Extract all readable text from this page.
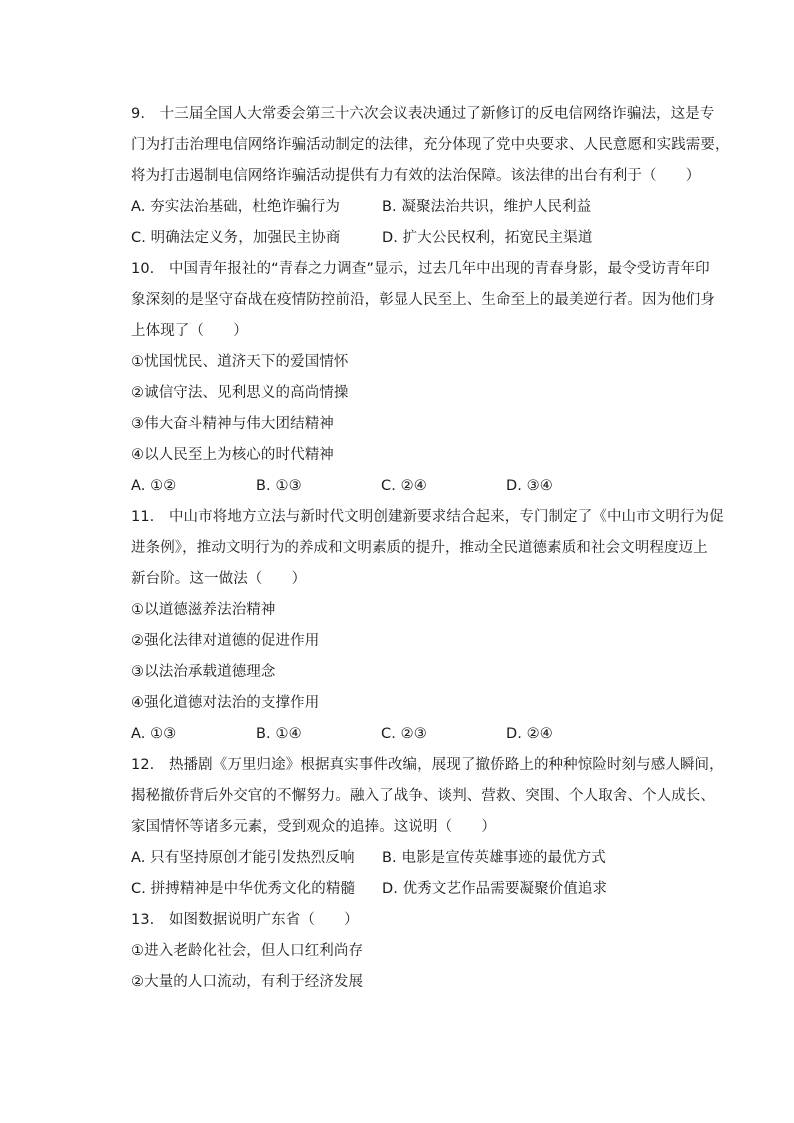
9.　十三届全国人大常委会第三十六次会议表决通过了新修订的反电信网络诈骗法，这是专
门为打击治理电信网络诈骗活动制定的法律，充分体现了党中央要求、人民意愿和实践需要，
将为打击遏制电信网络诈骗活动提供有力有效的法治保障。该法律的出台有利于（　　）
A. 夯实法治基础，杜绝诈骗行为	B. 凝聚法治共识，维护人民利益
C. 明确法定义务，加强民主协商	D. 扩大公民权利，拓宽民主渠道
10.　中国青年报社的“青春之力调查”显示，过去几年中出现的青春身影，最令受访青年印
象深刻的是坚守奋战在疫情防控前沿，彰显人民至上、生命至上的最美逆行者。因为他们身
上体现了（　　）
①忧国忧民、道济天下的爱国情怀
②诚信守法、见利思义的高尚情操
③伟大奋斗精神与伟大团结精神
④以人民至上为核心的时代精神
A. ①②	B. ①③	C. ②④	D. ③④
11.　中山市将地方立法与新时代文明创建新要求结合起来，专门制定了《中山市文明行为促
进条例》，推动文明行为的养成和文明素质的提升，推动全民道德素质和社会文明程度迈上
新台阶。这一做法（　　）
①以道德滋养法治精神
②强化法律对道德的促进作用
③以法治承载道德理念
④强化道德对法治的支撑作用
A. ①③	B. ①④	C. ②③	D. ②④
12.　热播剧《万里归途》根据真实事件改编，展现了撤侨路上的种种惊险时刻与感人瞬间，
揭秘撤侨背后外交官的不懈努力。融入了战争、谈判、营救、突围、个人取舍、个人成长、
家国情怀等诸多元素，受到观众的追捧。这说明（　　）
A. 只有坚持原创才能引发热烈反响	B. 电影是宣传英雄事迹的最优方式
C. 拼搏精神是中华优秀文化的精髓	D. 优秀文艺作品需要凝聚价值追求
13.　如图数据说明广东省（　　）
①进入老龄化社会，但人口红利尚存
②大量的人口流动，有利于经济发展
